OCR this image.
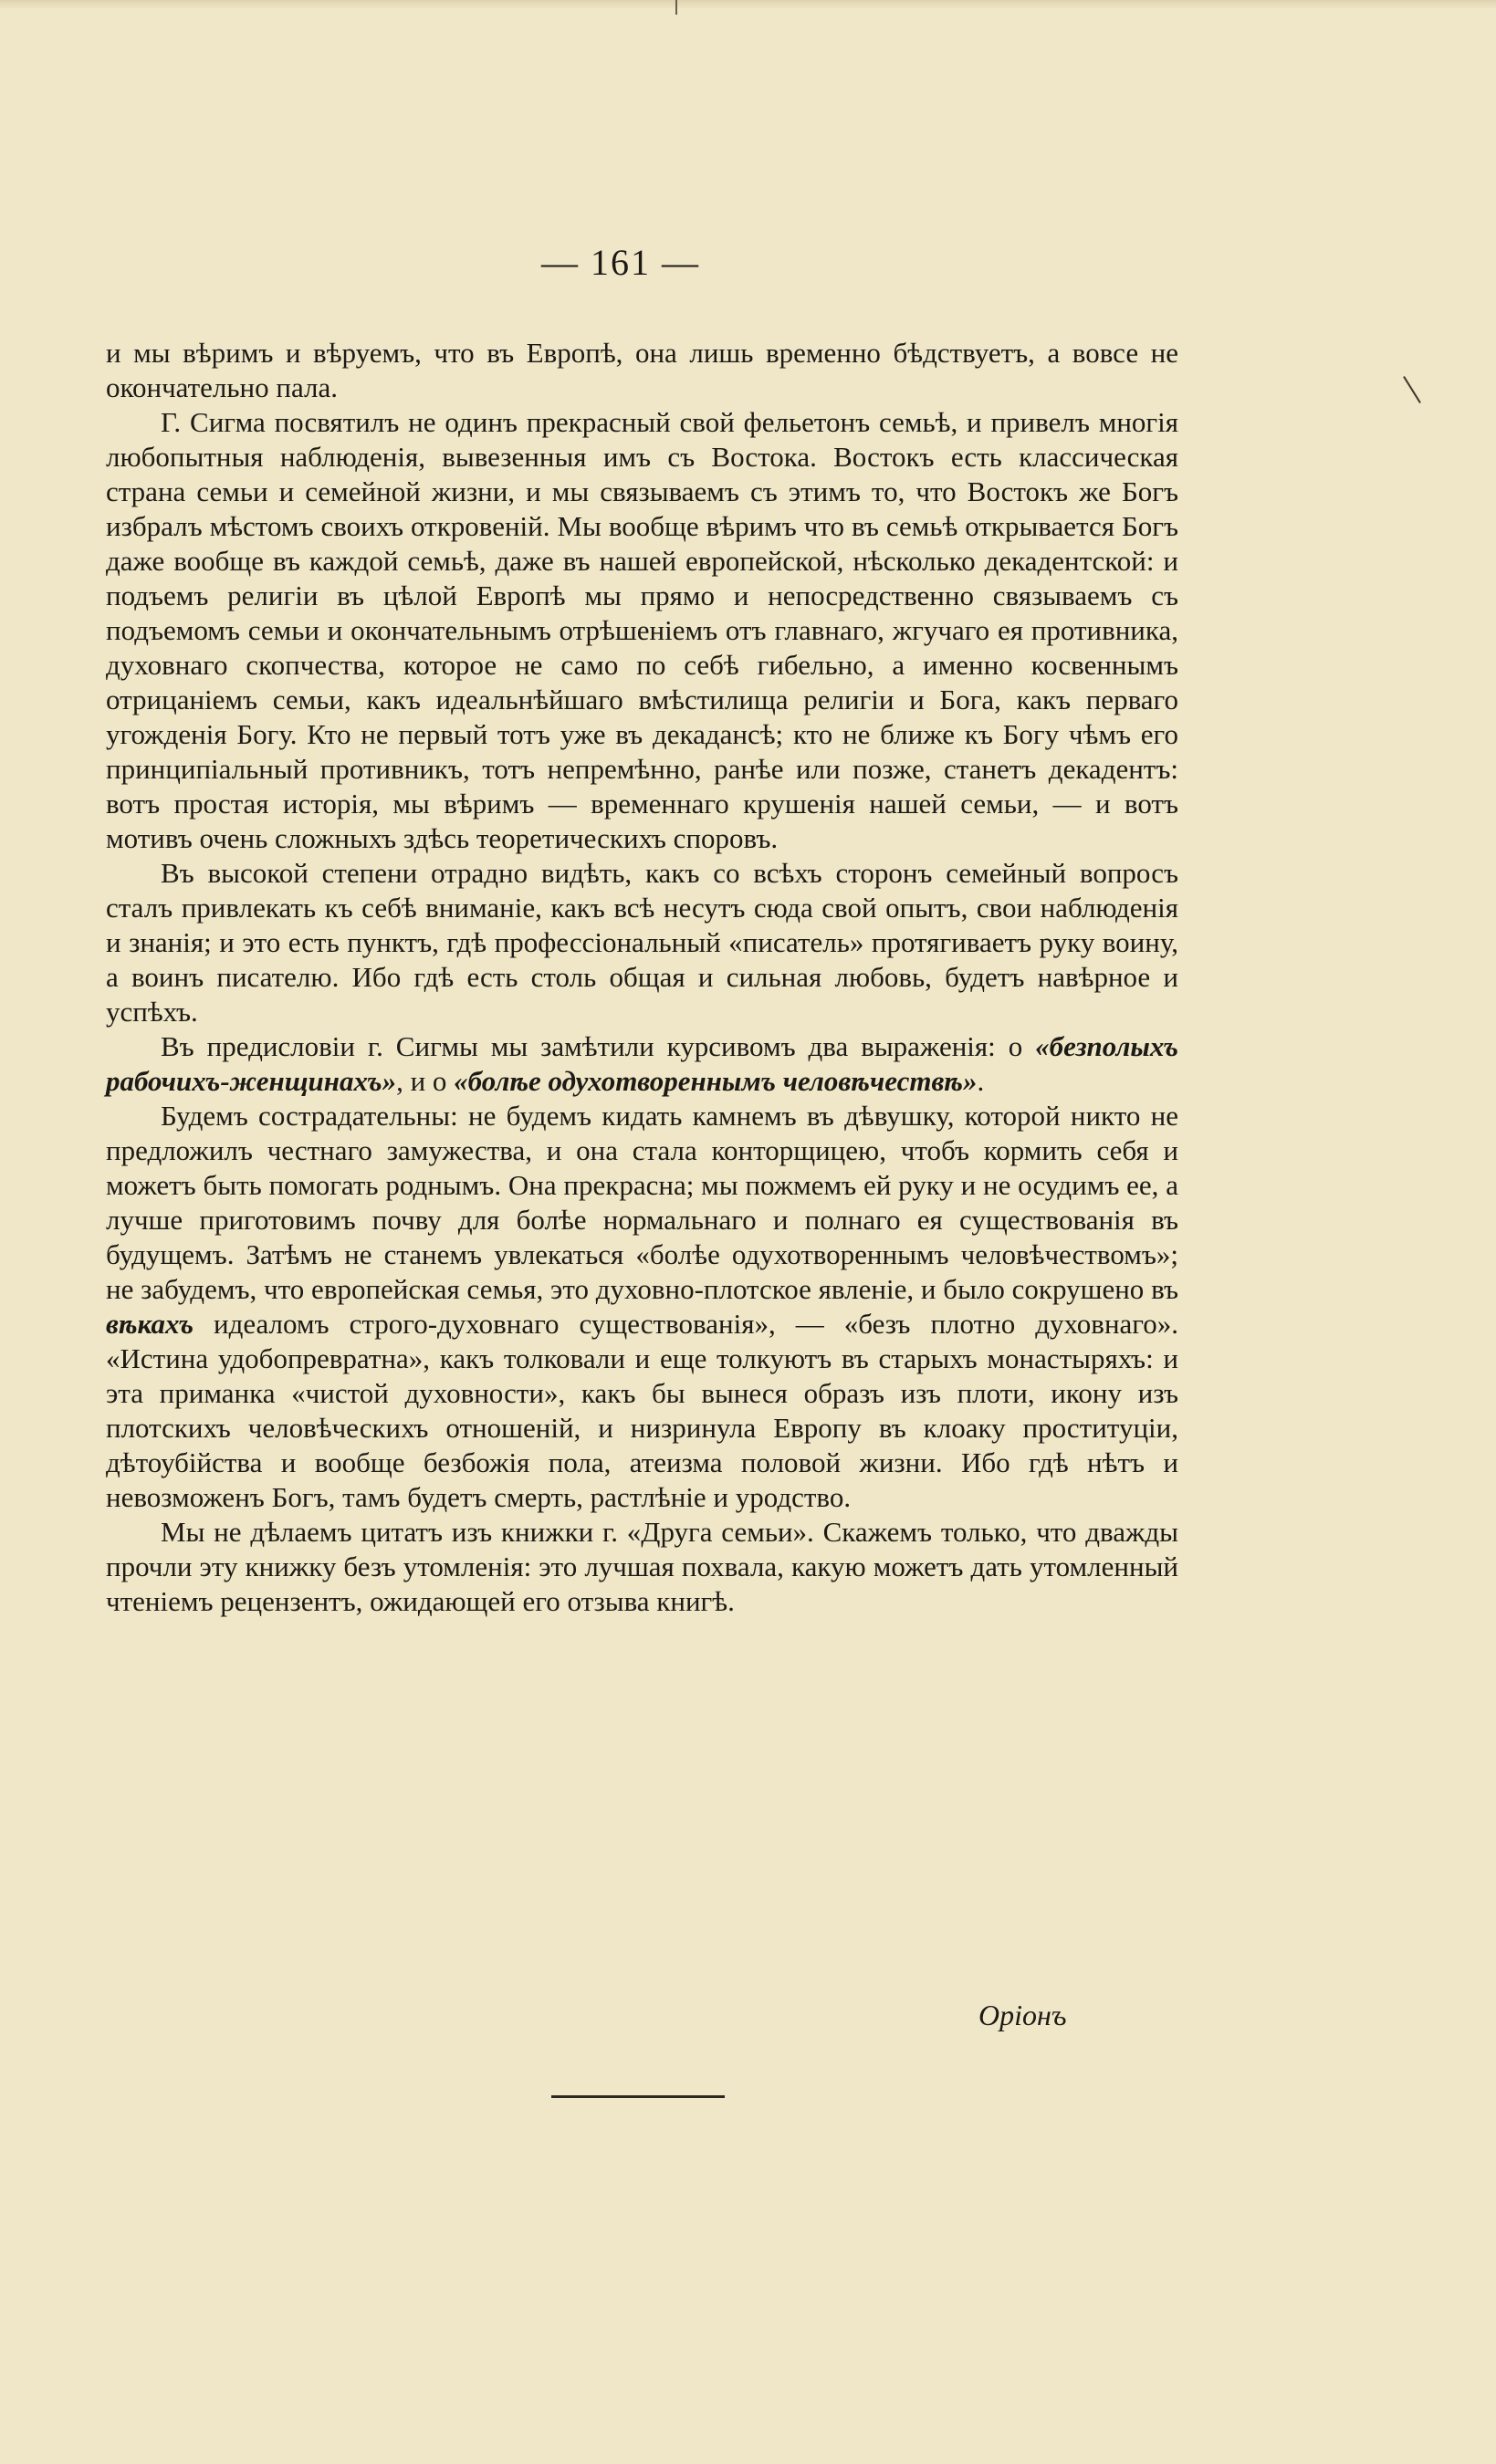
— 161 —

и мы вѣримъ и вѣруемъ, что въ Европѣ, она лишь временно бѣдствуетъ, а вовсе не окончательно пала.

Г. Сигма посвятилъ не одинъ прекрасный свой фельетонъ семьѣ, и привелъ многія любопытныя наблюденія, вывезенныя имъ съ Востока. Востокъ есть классическая страна семьи и семейной жизни, и мы связываемъ съ этимъ то, что Востокъ же Богъ избралъ мѣстомъ своихъ откровеній. Мы вообще вѣримъ что въ семьѣ открывается Богъ даже вообще въ каждой семьѣ, даже въ нашей европейской, нѣсколько декадентской: и подъемъ религіи въ цѣлой Европѣ мы прямо и непосредственно связываемъ съ подъемомъ семьи и окончательнымъ отрѣшеніемъ отъ главнаго, жгучаго ея противника, духовнаго скопчества, которое не само по себѣ гибельно, а именно косвеннымъ отрицаніемъ семьи, какъ идеальнѣйшаго вмѣстилища религіи и Бога, какъ перваго угожденія Богу. Кто не первый тотъ уже въ декадансѣ; кто не ближе къ Богу чѣмъ его принципіальный противникъ, тотъ непремѣнно, ранѣе или позже, станетъ декадентъ: вотъ простая исторія, мы вѣримъ — временнаго крушенія нашей семьи, — и вотъ мотивъ очень сложныхъ здѣсь теоретическихъ споровъ.

Въ высокой степени отрадно видѣть, какъ со всѣхъ сторонъ семейный вопросъ сталъ привлекать къ себѣ вниманіе, какъ всѣ несутъ сюда свой опытъ, свои наблюденія и знанія; и это есть пунктъ, гдѣ профессіональный «писатель» протягиваетъ руку воину, а воинъ писателю. Ибо гдѣ есть столь общая и сильная любовь, будетъ навѣрное и успѣхъ.

Въ предисловіи г. Сигмы мы замѣтили курсивомъ два выраженія: о «безполыхъ рабочихъ-женщинахъ», и о «болѣе одухотвореннымъ человѣчествѣ».

Будемъ сострадательны: не будемъ кидать камнемъ въ дѣвушку, которой никто не предложилъ честнаго замужества, и она стала конторщицею, чтобъ кормить себя и можетъ быть помогать роднымъ. Она прекрасна; мы пожмемъ ей руку и не осудимъ ее, а лучше приготовимъ почву для болѣе нормальнаго и полнаго ея существованія въ будущемъ. Затѣмъ не станемъ увлекаться «болѣе одухотвореннымъ человѣчествомъ»; не забудемъ, что европейская семья, это духовно-плотское явленіе, и было сокрушено въ вѣкахъ идеаломъ строго-духовнаго существованія», — «безъ плотно духовнаго». «Истина удобопревратна», какъ толковали и еще толкуютъ въ старыхъ монастыряхъ: и эта приманка «чистой духовности», какъ бы вынеся образъ изъ плоти, икону изъ плотскихъ человѣческихъ отношеній, и низринула Европу въ клоаку проституціи, дѣтоубійства и вообще безбожія пола, атеизма половой жизни. Ибо гдѣ нѣтъ и невозможенъ Богъ, тамъ будетъ смерть, растлѣніе и уродство.

Мы не дѣлаемъ цитатъ изъ книжки г. «Друга семьи». Скажемъ только, что дважды прочли эту книжку безъ утомленія: это лучшая похвала, какую можетъ дать утомленный чтеніемъ рецензентъ, ожидающей его отзыва книгѣ.

Оріонъ
